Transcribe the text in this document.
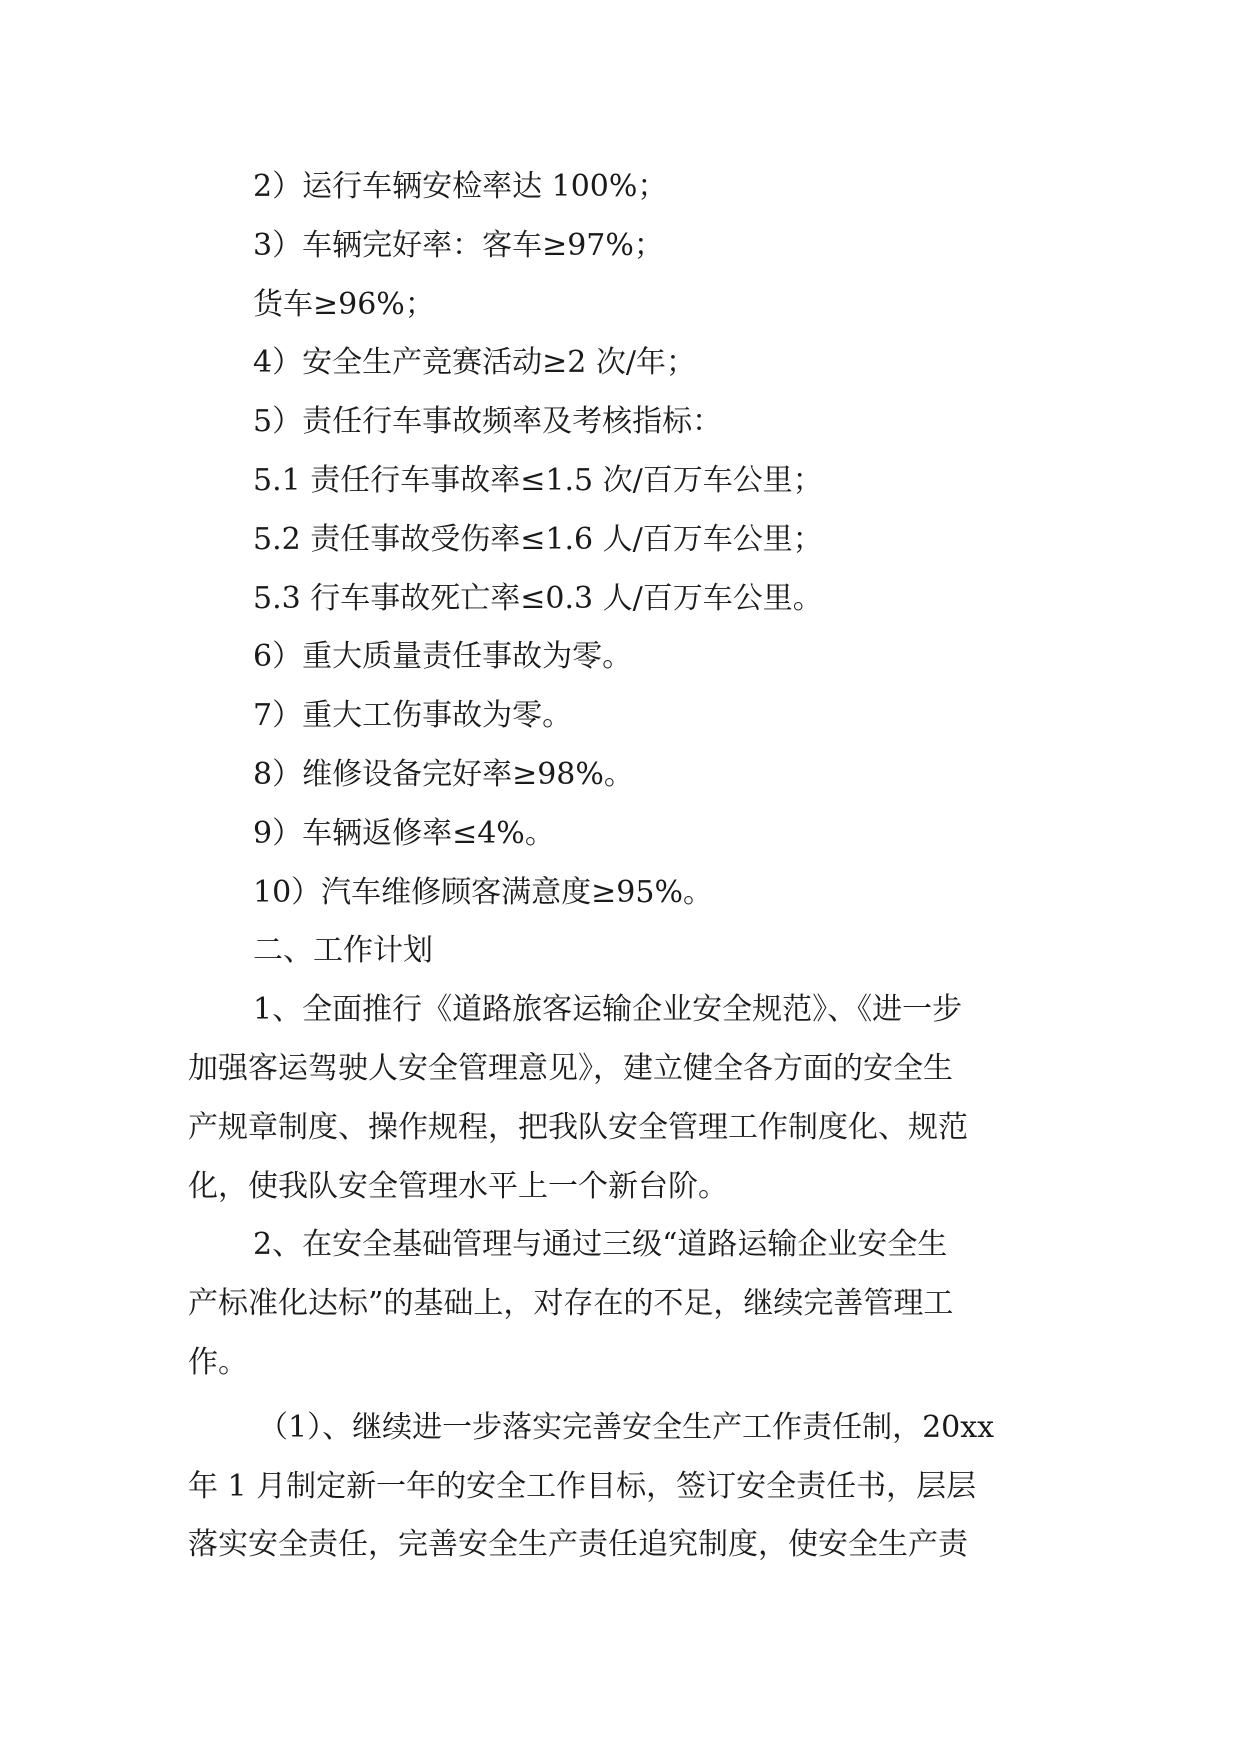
2）运行车辆安检率达 100%；
3）车辆完好率：客车≥97%；
货车≥96%；
4）安全生产竞赛活动≥2 次/年；
5）责任行车事故频率及考核指标：
5.1 责任行车事故率≤1.5 次/百万车公里；
5.2 责任事故受伤率≤1.6 人/百万车公里；
5.3 行车事故死亡率≤0.3 人/百万车公里。
6）重大质量责任事故为零。
7）重大工伤事故为零。
8）维修设备完好率≥98%。
9）车辆返修率≤4%。
10）汽车维修顾客满意度≥95%。
二、工作计划
1、全面推行《道路旅客运输企业安全规范》、《进一步
加强客运驾驶人安全管理意见》，建立健全各方面的安全生
产规章制度、操作规程，把我队安全管理工作制度化、规范
化，使我队安全管理水平上一个新台阶。
2、在安全基础管理与通过三级“道路运输企业安全生
产标准化达标”的基础上，对存在的不足，继续完善管理工
作。
（1）、继续进一步落实完善安全生产工作责任制，20xx
年 1 月制定新一年的安全工作目标，签订安全责任书，层层
落实安全责任，完善安全生产责任追究制度，使安全生产责
